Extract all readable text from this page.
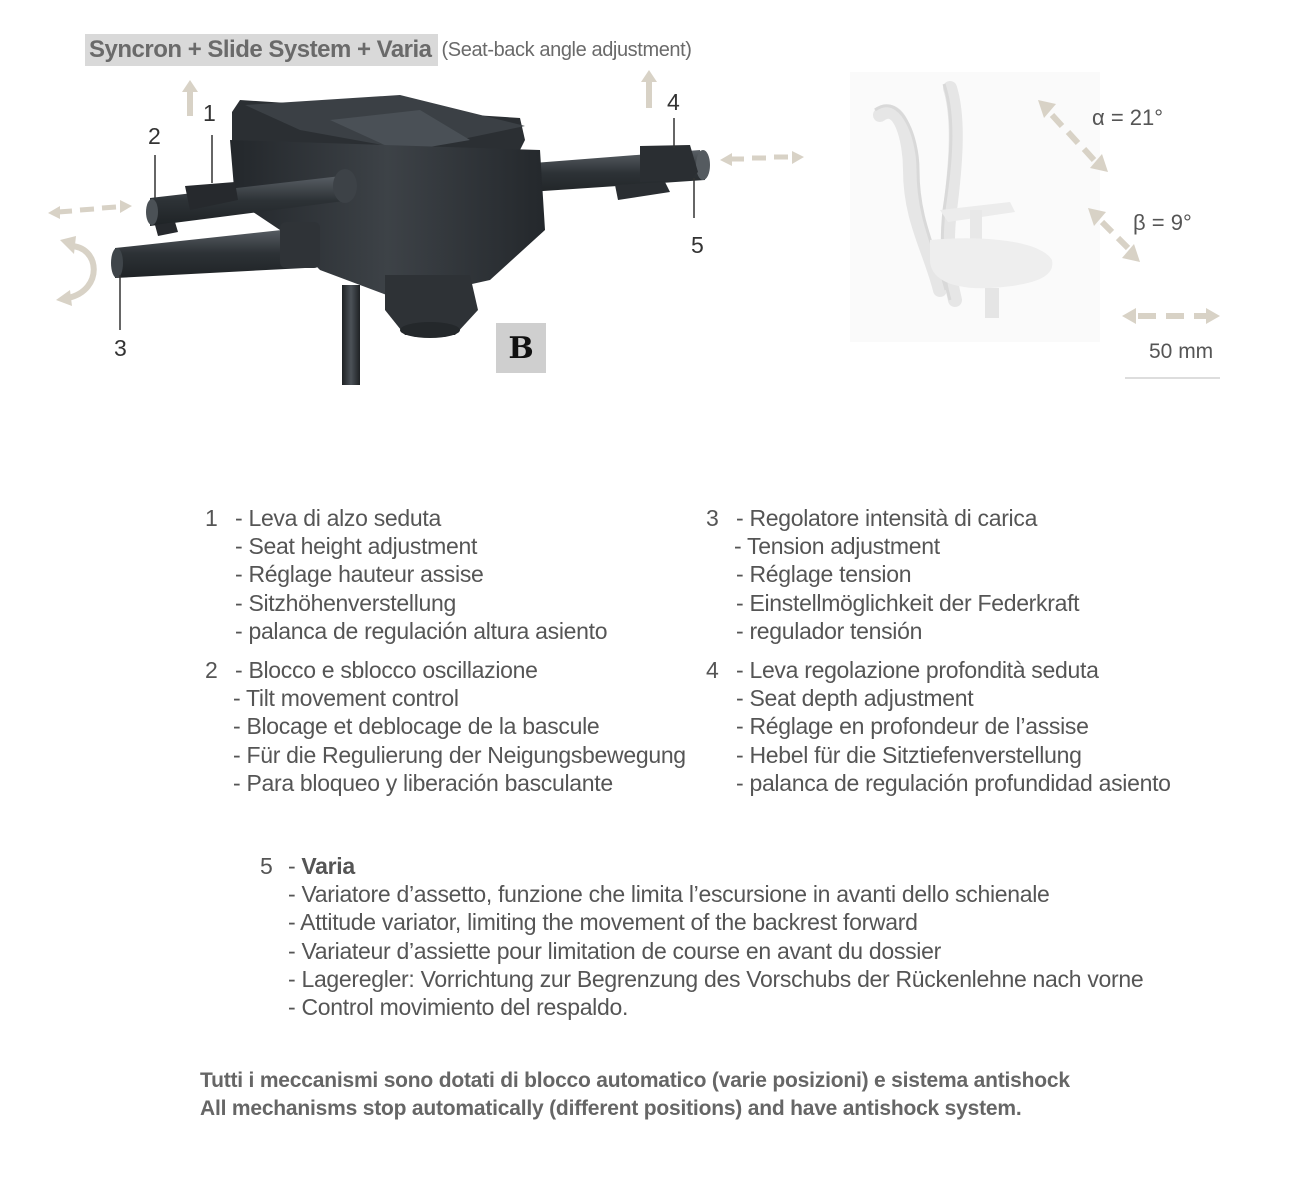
Syncron + Slide System + Varia (Seat-back angle adjustment)
1
2
3
4
5
B
α = 21°
β = 9°
50 mm
1 - Leva di alzo seduta
- Seat height adjustment
- Réglage hauteur assise
- Sitzhöhenverstellung
- palanca de regulación altura asiento
2 - Blocco e sblocco oscillazione
- Tilt movement control
- Blocage et deblocage de la bascule
- Für die Regulierung der Neigungsbewegung
- Para bloqueo y liberación basculante
3 - Regolatore intensità di carica
- Tension adjustment
- Réglage tension
- Einstellmöglichkeit der Federkraft
- regulador tensión
4 - Leva regolazione profondità seduta
- Seat depth adjustment
- Réglage en profondeur de l’assise
- Hebel für die Sitztiefenverstellung
- palanca de regulación profundidad asiento
5 - Varia
- Variatore d’assetto, funzione che limita l’escursione in avanti dello schienale
- Attitude variator, limiting the movement of the backrest forward
- Variateur d’assiette pour limitation de course en avant du dossier
- Lageregler: Vorrichtung zur Begrenzung des Vorschubs der Rückenlehne nach vorne
- Control movimiento del respaldo.
Tutti i meccanismi sono dotati di blocco automatico (varie posizioni) e sistema antishock
All mechanisms stop automatically (different positions) and have antishock system.
